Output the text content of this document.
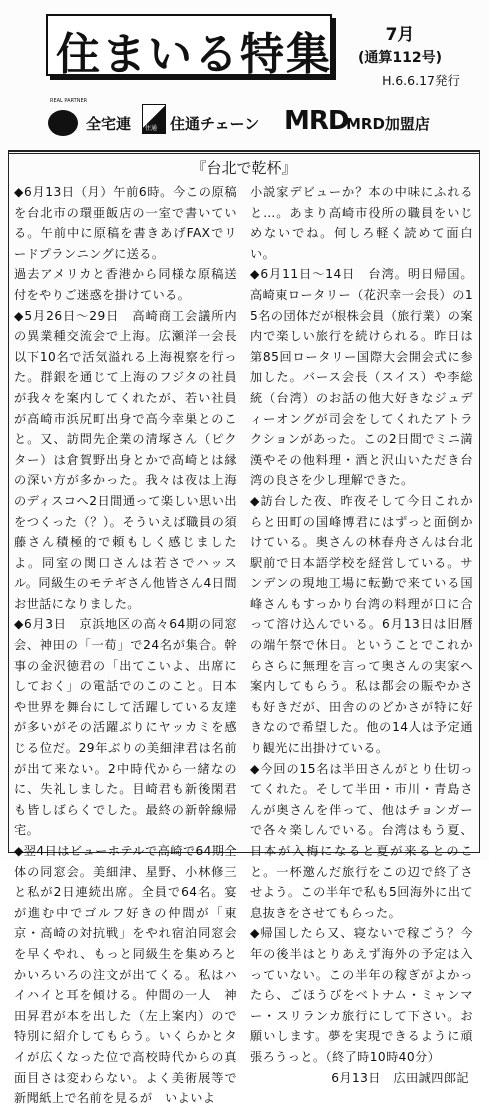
住まいる特集	7月
(通算112号)
H.6.6.17発行
REAL PARTNER
全宅連 住通 住通チェーン MRD
MRD加盟店
『台北で乾杯』

◆6月13日（月）午前6時。今この原稿を台北市の環亜飯店の一室で書いている。午前中に原稿を書きあげFAXでリードプランニングに送る。

過去アメリカと香港から同様な原稿送付をやりご迷惑を掛けている。

◆5月26日～29日　高崎商工会議所内の異業種交流会で上海。広瀬洋一会長以下10名で活気溢れる上海視察を行った。群銀を通じて上海のフジタの社員が我々を案内してくれたが、若い社員が高崎市浜尻町出身で高今幸巣とのこと。又、訪問先企業の清塚さん（ピクター）は倉賀野出身とかで高崎とは縁の深い方が多かった。我々は夜は上海のディスコへ2日間通って楽しい思い出をつくった（？）。そういえば職員の須藤さん積極的で頼もしく感じましたよ。同室の関口さんは若さでハッスル。同級生のモテギさん他皆さん4日間お世話になりました。

◆6月3日　京浜地区の高々64期の同窓会、神田の「一荀」で24名が集合。幹事の金沢徳君の「出てこいよ、出席にしておく」の電話でのこのこと。日本や世界を舞台にして活躍している友達が多いがその活躍ぶりにヤッカミを感じる位だ。29年ぶりの美細津君は名前が出て来ない。2中時代から一緒なのに、失礼しました。目崎君も新後閑君も皆しばらくでした。最終の新幹線帰宅。

◆翌4日はビューホテルで高崎で64期全体の同窓会。美細津、星野、小林修三と私が2日連続出席。全員で64名。宴が進む中でゴルフ好きの仲間が「東京・高崎の対抗戦」をやれ宿泊同窓会を早くやれ、もっと同級生を集めろとかいろいろの注文が出てくる。私はハイハイと耳を傾ける。仲間の一人　神田昇君が本を出した（左上案内）ので特別に紹介してもらう。いくらかとタイが広くなった位で高校時代からの真面目さは変わらない。よく美術展等で新聞紙上で名前を見るが　いよいよ

小説家デビューか？本の中味にふれると…。あまり高崎市役所の職員をいじめないでね。何しろ軽く読めて面白い。

◆6月11日～14日　台湾。明日帰国。高崎東ロータリー（花沢幸一会長）の15名の団体だが根株会員（旅行業）の案内で楽しい旅行を続けられる。昨日は第85回ロータリー国際大会開会式に参加した。バース会長（スイス）や李総統（台湾）のお話の他大好きなジュディーオングが司会をしてくれたアトラクションがあった。この2日間でミニ満漢やその他料理・酒と沢山いただき台湾の良さを少し理解できた。

◆訪台した夜、昨夜そして今日これからと田町の国峰博君にはずっと面倒かけている。奥さんの林春舟さんは台北駅前で日本語学校を経営している。サンデンの現地工場に転勤で来ている国峰さんもすっかり台湾の料理が口に合って溶け込んでいる。6月13日は旧暦の端午祭で休日。ということでこれからさらに無理を言って奥さんの実家へ案内してもらう。私は都会の賑やかさも好きだが、田舎ののどかさが特に好きなので希望した。他の14人は予定通り観光に出掛けている。

◆今回の15名は半田さんがとり仕切ってくれた。そして半田・市川・青島さんが奥さんを伴って、他はチョンガーで各々楽しんでいる。台湾はもう夏、日本が入梅になると夏が来るとのこと。一杯邀んだ旅行をこの辺で終了させよう。この半年で私も5回海外に出て息抜きをさせてもらった。

◆帰国したら又、寝ないで稼ごう？今年の後半はとりあえず海外の予定は入っていない。この半年の稼ぎがよかったら、ごほうびをベトナム・ミャンマー・スリランカ旅行にして下さい。お願いします。夢を実現できるように頑張ろうっと。（終了時10時40分）

6月13日　広田誠四郎記
